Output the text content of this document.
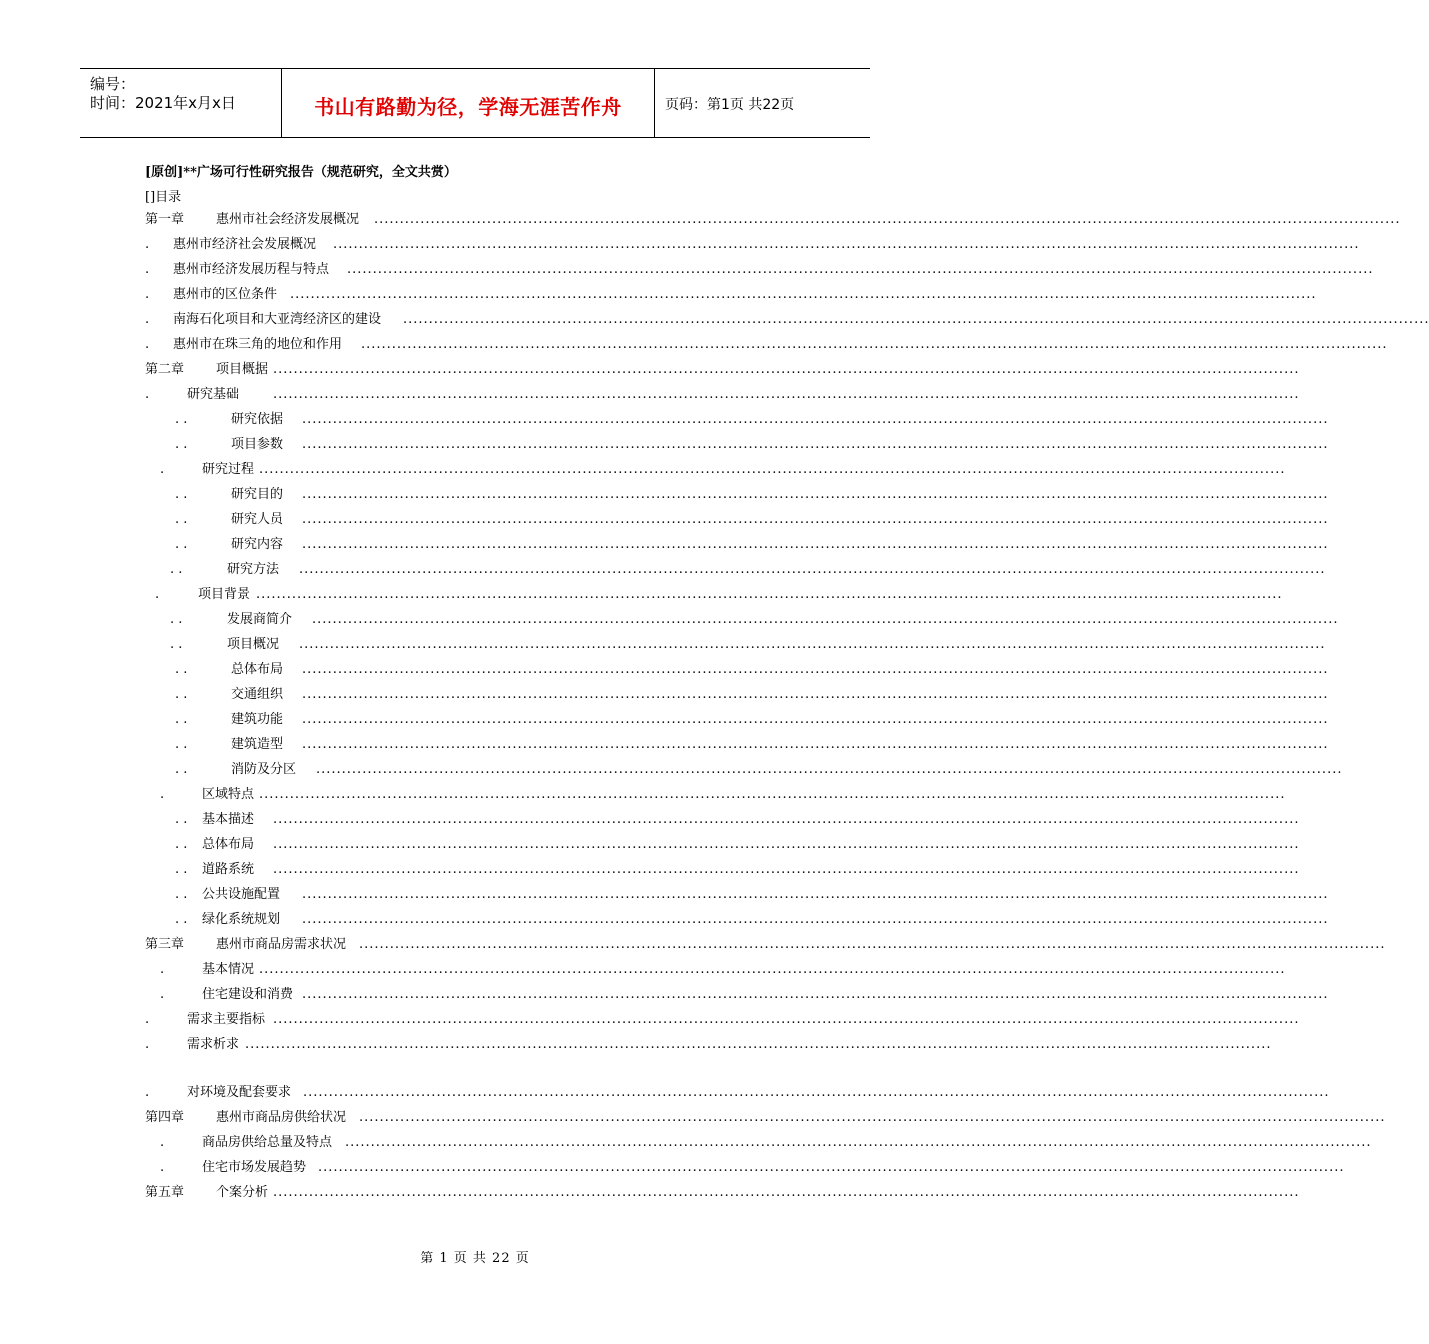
编号：
时间：2021年x月x日	书山有路勤为径，学海无涯苦作舟	页码：第1页 共22页
[原创]**广场可行性研究报告（规范研究，全文共赏）
[]目录
第一章 惠州市社会经济发展概况 ........................................................................................................................................................................................................
. 惠州市经济社会发展概况 ........................................................................................................................................................................................................
. 惠州市经济发展历程与特点 ........................................................................................................................................................................................................
. 惠州市的区位条件 ........................................................................................................................................................................................................
. 南海石化项目和大亚湾经济区的建设 ........................................................................................................................................................................................................
. 惠州市在珠三角的地位和作用 ........................................................................................................................................................................................................
第二章 项目概据 ........................................................................................................................................................................................................
.	研究基础	........................................................................................................................................................................................................
. .	研究依据 ........................................................................................................................................................................................................
. .	项目参数 ........................................................................................................................................................................................................
.	研究过程 ........................................................................................................................................................................................................
. .	研究目的 ........................................................................................................................................................................................................
. .	研究人员 ........................................................................................................................................................................................................
. .	研究内容 ........................................................................................................................................................................................................
. .	研究方法 ........................................................................................................................................................................................................
.	项目背景 ........................................................................................................................................................................................................
. .	发展商简介 ........................................................................................................................................................................................................
. .	项目概况 ........................................................................................................................................................................................................
. .	总体布局 ........................................................................................................................................................................................................
. .	交通组织 ........................................................................................................................................................................................................
. .	建筑功能 ........................................................................................................................................................................................................
. .	建筑造型 ........................................................................................................................................................................................................
. .	消防及分区 ........................................................................................................................................................................................................
.	区域特点 ........................................................................................................................................................................................................
. . 基本描述 ........................................................................................................................................................................................................
. . 总体布局 ........................................................................................................................................................................................................
. . 道路系统 ........................................................................................................................................................................................................
. . 公共设施配置 ........................................................................................................................................................................................................
. . 绿化系统规划 ........................................................................................................................................................................................................
第三章 惠州市商品房需求状况 ........................................................................................................................................................................................................
.	基本情况 ........................................................................................................................................................................................................
.	住宅建设和消费 ........................................................................................................................................................................................................
.	需求主要指标 ........................................................................................................................................................................................................
.	需求析求 ........................................................................................................................................................................................................
.	对环境及配套要求 ........................................................................................................................................................................................................
第四章 惠州市商品房供给状况 ........................................................................................................................................................................................................
.	商品房供给总量及特点 ........................................................................................................................................................................................................
.	住宅市场发展趋势 ........................................................................................................................................................................................................
第五章 个案分析 ........................................................................................................................................................................................................
第 1 页 共 22 页
